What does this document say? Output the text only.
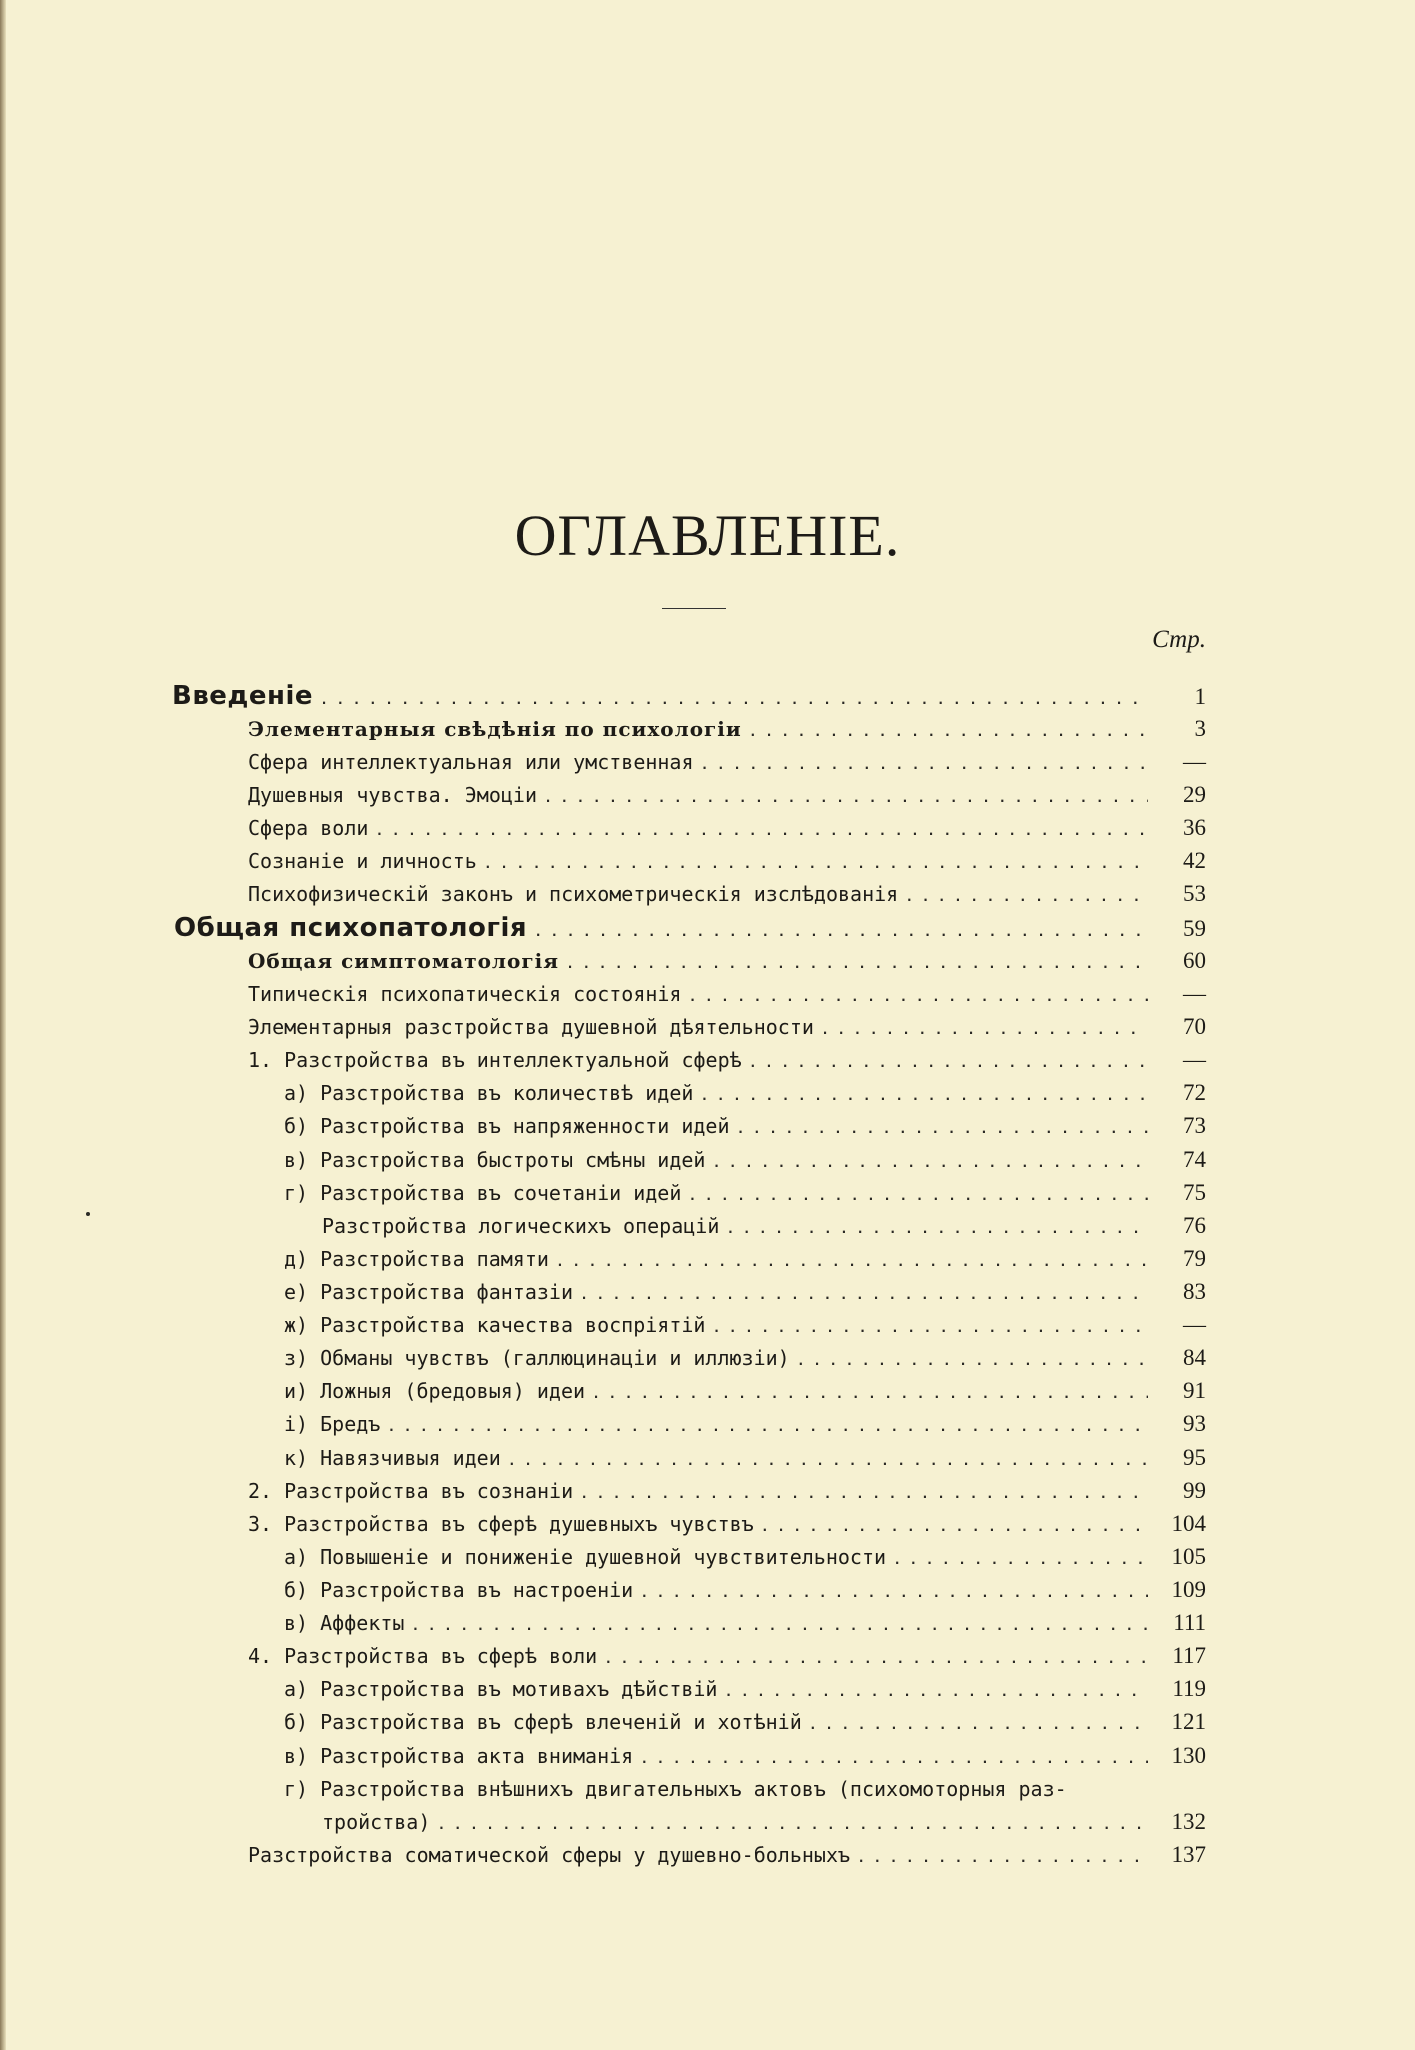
ОГЛАВЛЕНІЕ.
Стр.
Введеніе . . .	1
Элементарныя свѣдѣнія по психологіи . . .	3
Сфера интеллектуальная или умственная . . .	—
Душевныя чувства. Эмоціи . . .	29
Сфера воли . . .	36
Сознаніе и личность . . .	42
Психофизическій законъ и психометрическія изслѣдованія . . .	53
Общая психопатологія . . .	59
Общая симптоматологія . . .	60
Типическія психопатическія состоянія . . .	—
Элементарныя разстройства душевной дѣятельности . . .	70
1. Разстройства въ интеллектуальной сферѣ . . .	—
а) Разстройства въ количествѣ идей . . .	72
б) Разстройства въ напряженности идей . . .	73
в) Разстройства быстроты смѣны идей . . .	74
г) Разстройства въ сочетаніи идей . . .	75
Разстройства логическихъ операцій . . .	76
д) Разстройства памяти . . .	79
е) Разстройства фантазіи . . .	83
ж) Разстройства качества воспріятій . . .	—
з) Обманы чувствъ (галлюцинаціи и иллюзіи) . . .	84
и) Ложныя (бредовыя) идеи . . .	91
і) Бредъ . . .	93
к) Навязчивыя идеи . . .	95
2. Разстройства въ сознаніи . . .	99
3. Разстройства въ сферѣ душевныхъ чувствъ . . .	104
а) Повышеніе и пониженіе душевной чувствительности . . .	105
б) Разстройства въ настроеніи . . .	109
в) Аффекты . . .	111
4. Разстройства въ сферѣ воли . . .	117
а) Разстройства въ мотивахъ дѣйствій . . .	119
б) Разстройства въ сферѣ влеченій и хотѣній . . .	121
в) Разстройства акта вниманія . . .	130
г) Разстройства внѣшнихъ двигательныхъ актовъ (психомоторныя раз-
тройства) . . .	132
Разстройства соматической сферы у душевно-больныхъ . . .	137
